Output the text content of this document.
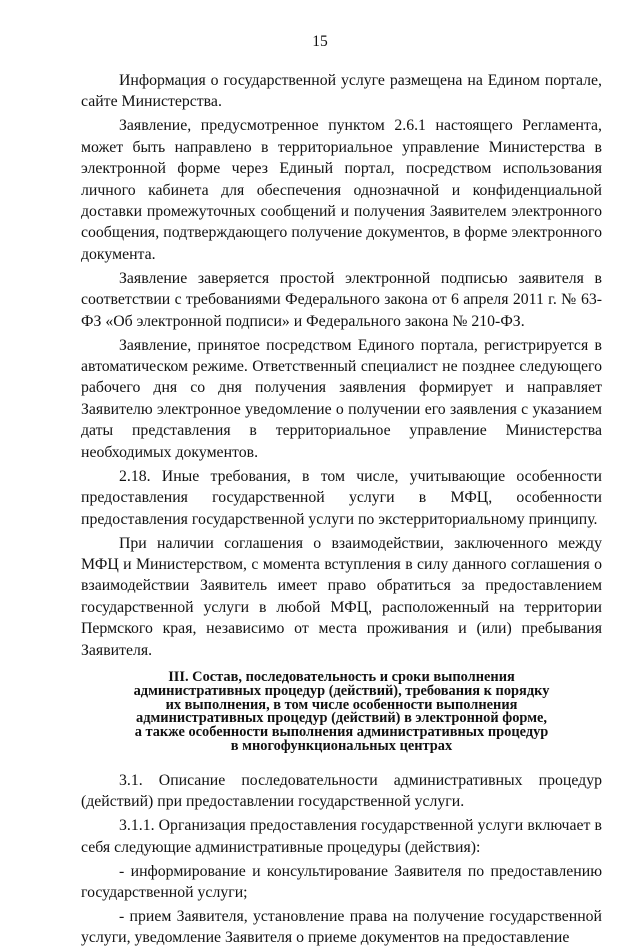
15

Информация о государственной услуге размещена на Едином портале, сайте Министерства.

Заявление, предусмотренное пунктом 2.6.1 настоящего Регламента, может быть направлено в территориальное управление Министерства в электронной форме через Единый портал, посредством использования личного кабинета для обеспечения однозначной и конфиденциальной доставки промежуточных сообщений и получения Заявителем электронного сообщения, подтверждающего получение документов, в форме электронного документа.

Заявление заверяется простой электронной подписью заявителя в соответствии с требованиями Федерального закона от 6 апреля 2011 г. № 63-ФЗ «Об электронной подписи» и Федерального закона № 210-ФЗ.

Заявление, принятое посредством Единого портала, регистрируется в автоматическом режиме. Ответственный специалист не позднее следующего рабочего дня со дня получения заявления формирует и направляет Заявителю электронное уведомление о получении его заявления с указанием даты представления в территориальное управление Министерства необходимых документов.

2.18. Иные требования, в том числе, учитывающие особенности предоставления государственной услуги в МФЦ, особенности предоставления государственной услуги по экстерриториальному принципу.

При наличии соглашения о взаимодействии, заключенного между МФЦ и Министерством, с момента вступления в силу данного соглашения о взаимодействии Заявитель имеет право обратиться за предоставлением государственной услуги в любой МФЦ, расположенный на территории Пермского края, независимо от места проживания и (или) пребывания Заявителя.

III. Состав, последовательность и сроки выполнения
административных процедур (действий), требования к порядку
их выполнения, в том числе особенности выполнения
административных процедур (действий) в электронной форме,
а также особенности выполнения административных процедур
в многофункциональных центрах

3.1. Описание последовательности административных процедур (действий) при предоставлении государственной услуги.

3.1.1. Организация предоставления государственной услуги включает в себя следующие административные процедуры (действия):

- информирование и консультирование Заявителя по предоставлению государственной услуги;

- прием Заявителя, установление права на получение государственной услуги, уведомление Заявителя о приеме документов на предоставление
